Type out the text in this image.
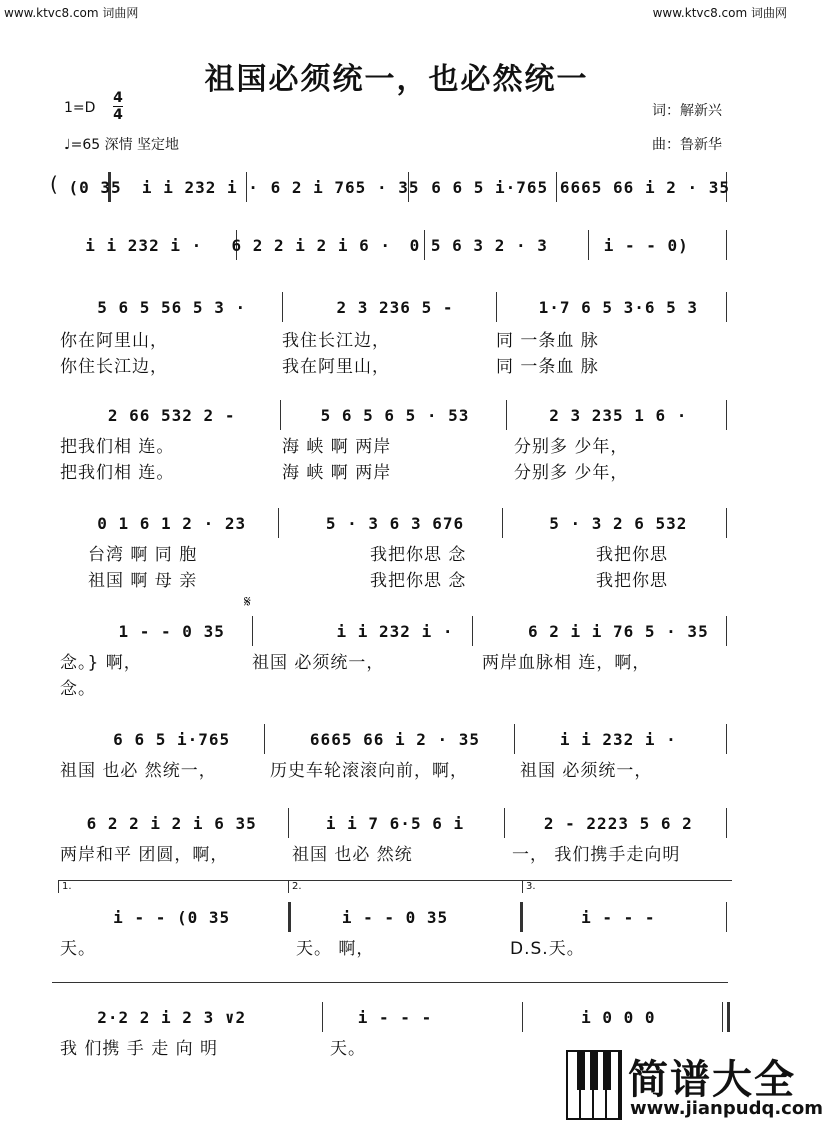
www.ktvc8.com 词曲网	www.ktvc8.com 词曲网
祖国必须统一，也必然统一
1=D
4
4
♩=65 深情 坚定地
词：解新兴
曲：鲁新华
( (0 35	i i 232 i · 6 2 i 765 · 35 6 6 5 i·765 6665 66 i 2 · 35
i i 232 i ·	6 2 2 i 2 i 6 ·	0 5 6 3 2 · 3	i - - 0)
5 6 5 56 5 3 ·	2 3 236 5 -	1·7 6 5 3·6 5 3
你在阿里山，	我住长江边，	同 一条血 脉
你住长江边，	我在阿里山，	同 一条血 脉
2 66 532 2 -	5 6 5 6 5 · 53	2 3 235 1 6 ·
把我们相 连。	海 峡 啊 两岸	分别多 少年，
把我们相 连。	海 峡 啊 两岸	分别多 少年，
0 1 6 1 2 · 23	5 · 3 6 3 676	5 · 3 2 6 532
台湾 啊 同 胞	我把你思 念	我把你思
祖国 啊 母 亲	我把你思 念	我把你思
𝄋
1 - - 0 35	i i 232 i ·	6 2 i i 76 5 · 35
念。} 啊，	祖国 必须统一，	两岸血脉相 连，啊，
念。
6 6 5 i·765	6665 66 i 2 · 35	i i 232 i ·
祖国 也必 然统一，	历史车轮滚滚向前，啊，	祖国 必须统一，
6 2 2 i 2 i 6 35	i i 7 6·5 6 i	2 - 2223 5 6 2
两岸和平 团圆，啊，	祖国 也必 然统	一， 我们携手走向明
1.	2.	3.
i - - (0 35	i - - 0 35	i - - -
天。	天。 啊，	D.S.天。
2·2 2 i 2 3 ∨2	i - - -	i 0 0 0
我 们携 手 走 向 明	天。
简谱大全
www.jianpudq.com
